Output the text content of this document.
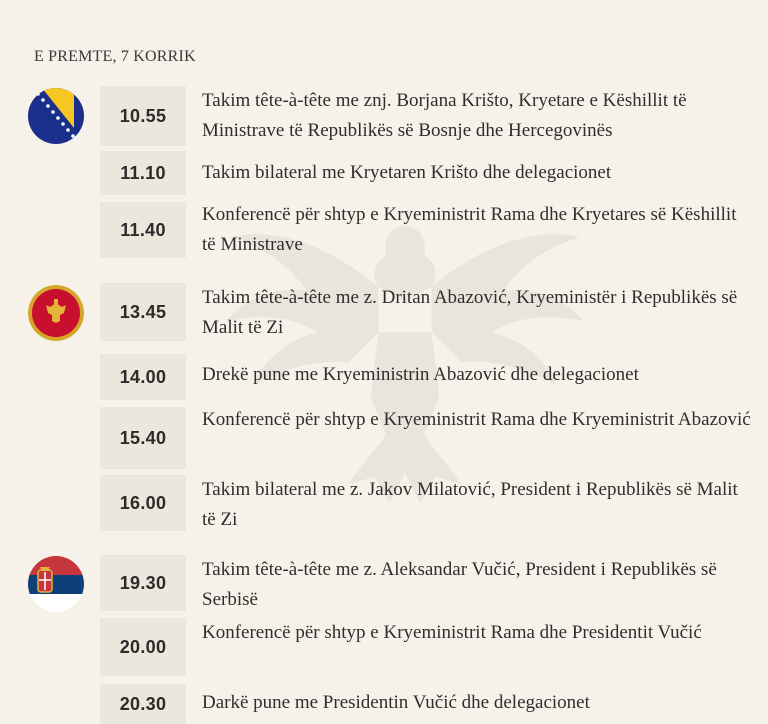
E PREMTE, 7 KORRIK
10.55
Takim tête-à-tête me znj. Borjana Krišto, Kryetare e Këshillit të Ministrave të Republikës së Bosnje dhe Hercegovinës
11.10	Takim bilateral me Kryetaren Krišto dhe delegacionet
11.40
Konferencë për shtyp e Kryeministrit Rama dhe Kryetares së Këshillit të Ministrave
13.45
Takim tête-à-tête me z. Dritan Abazović, Kryeministër i Republikës së Malit të Zi
14.00	Drekë pune me Kryeministrin Abazović dhe delegacionet
15.40
Konferencë për shtyp e Kryeministrit Rama dhe Kryeministrit Abazović
16.00
Takim bilateral me z. Jakov Milatović, President i Republikës së Malit të Zi
19.30
Takim tête-à-tête me z. Aleksandar Vučić, President i Republikës së Serbisë
20.00
Konferencë për shtyp e Kryeministrit Rama dhe Presidentit Vučić
20.30	Darkë pune me Presidentin Vučić dhe delegacionet
